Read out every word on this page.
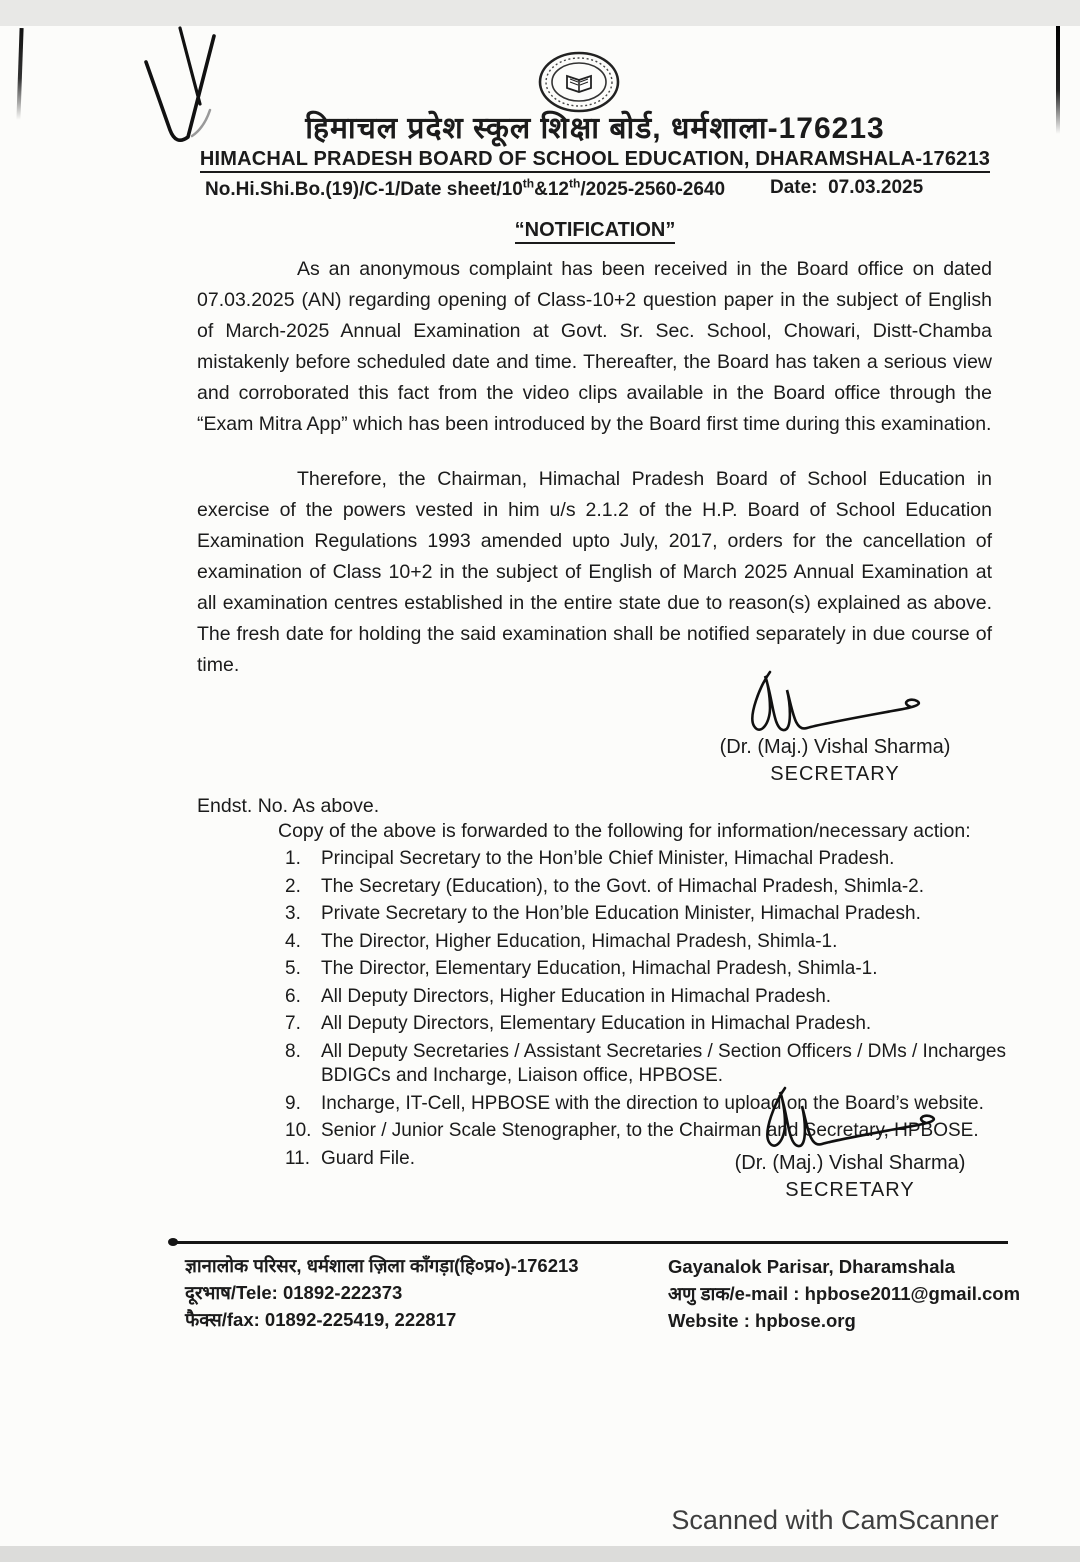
हिमाचल प्रदेश स्कूल शिक्षा बोर्ड, धर्मशाला-176213
HIMACHAL PRADESH BOARD OF SCHOOL EDUCATION, DHARAMSHALA-176213
No.Hi.Shi.Bo.(19)/C-1/Date sheet/10th&12th/2025-2560-2640 Date: 07.03.2025
“NOTIFICATION”

As an anonymous complaint has been received in the Board office on dated 07.03.2025 (AN) regarding opening of Class-10+2 question paper in the subject of English of March-2025 Annual Examination at Govt. Sr. Sec. School, Chowari, Distt-Chamba mistakenly before scheduled date and time. Thereafter, the Board has taken a serious view and corroborated this fact from the video clips available in the Board office through the “Exam Mitra App” which has been introduced by the Board first time during this examination.

Therefore, the Chairman, Himachal Pradesh Board of School Education in exercise of the powers vested in him u/s 2.1.2 of the H.P. Board of School Education Examination Regulations 1993 amended upto July, 2017, orders for the cancellation of examination of Class 10+2 in the subject of English of March 2025 Annual Examination at all examination centres established in the entire state due to reason(s) explained as above. The fresh date for holding the said examination shall be notified separately in due course of time.

(Dr. (Maj.) Vishal Sharma)
SECRETARY
Endst. No. As above.
Copy of the above is forwarded to the following for information/necessary action:
1.	Principal Secretary to the Hon’ble Chief Minister, Himachal Pradesh.
2.	The Secretary (Education), to the Govt. of Himachal Pradesh, Shimla-2.
3.	Private Secretary to the Hon’ble Education Minister, Himachal Pradesh.
4.	The Director, Higher Education, Himachal Pradesh, Shimla-1.
5.	The Director, Elementary Education, Himachal Pradesh, Shimla-1.
6.	All Deputy Directors, Higher Education in Himachal Pradesh.
7.	All Deputy Directors, Elementary Education in Himachal Pradesh.
8.	All Deputy Secretaries / Assistant Secretaries / Section Officers / DMs / Incharges BDIGCs and Incharge, Liaison office, HPBOSE.
9.	Incharge, IT-Cell, HPBOSE with the direction to upload on the Board’s website.
10. Senior / Junior Scale Stenographer, to the Chairman and Secretary, HPBOSE.
11. Guard File.	(Dr. (Maj.) Vishal Sharma)
SECRETARY
ज्ञानालोक परिसर, धर्मशाला ज़िला काँगड़ा(हि०प्र०)-176213
दूरभाष/Tele: 01892-222373
फैक्स/fax: 01892-225419, 222817
Gayanalok Parisar, Dharamshala
अणु डाक/e-mail : hpbose2011@gmail.com
Website : hpbose.org
Scanned with CamScanner
